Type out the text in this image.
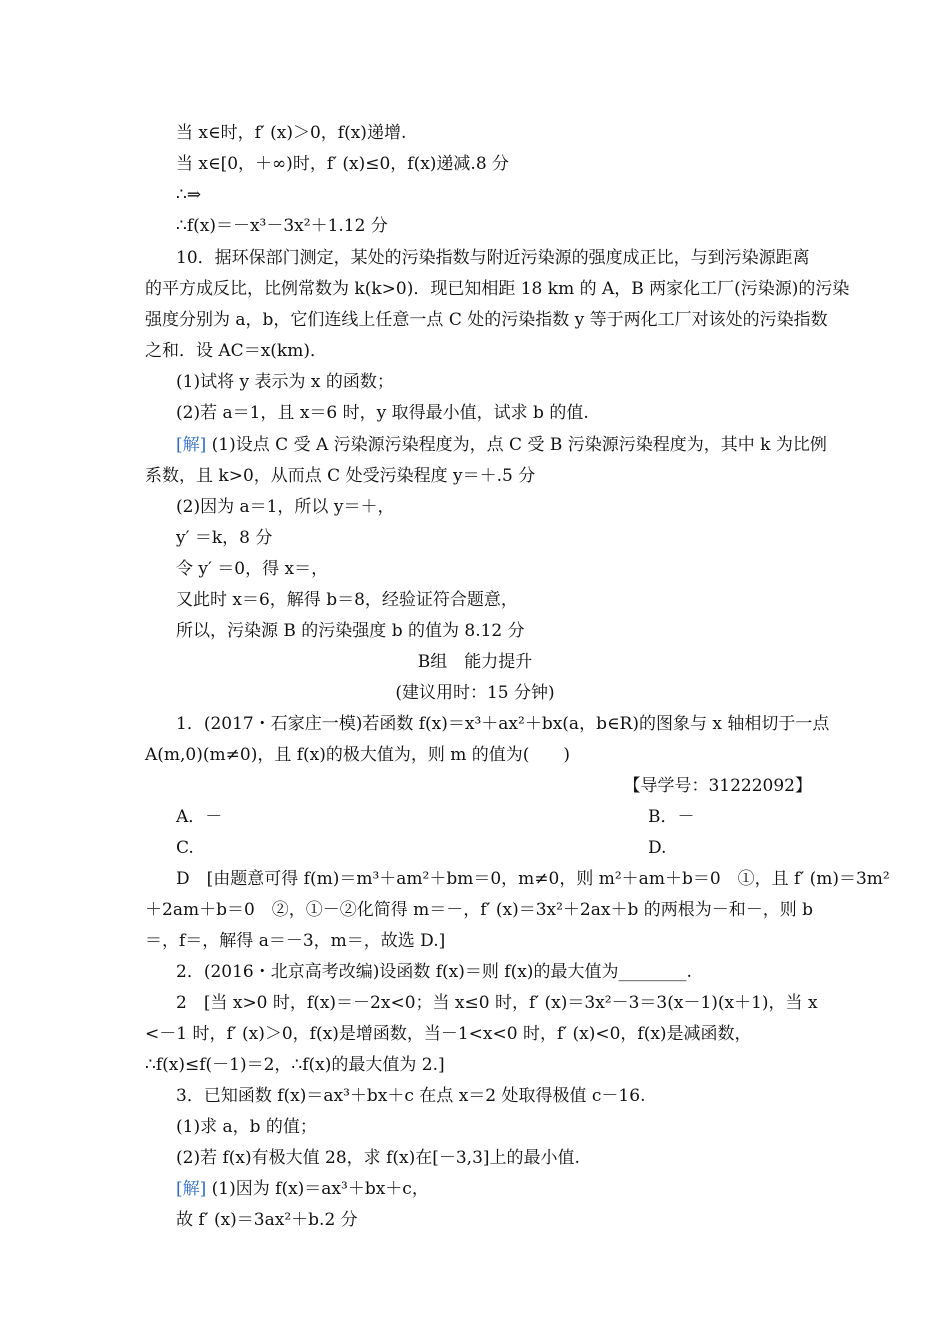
当 x∈时，f′ (x)＞0，f(x)递增.
当 x∈[0，＋∞)时，f′ (x)≤0，f(x)递减.8 分
∴⇒
∴f(x)＝－x³－3x²＋1.12 分
10．据环保部门测定，某处的污染指数与附近污染源的强度成正比，与到污染源距离
的平方成反比，比例常数为 k(k>0)．现已知相距 18 km 的 A，B 两家化工厂(污染源)的污染
强度分别为 a，b，它们连线上任意一点 C 处的污染指数 y 等于两化工厂对该处的污染指数
之和．设 AC＝x(km)．
(1)试将 y 表示为 x 的函数；
(2)若 a＝1，且 x＝6 时，y 取得最小值，试求 b 的值.
[解] (1)设点 C 受 A 污染源污染程度为，点 C 受 B 污染源污染程度为，其中 k 为比例
系数，且 k>0，从而点 C 处受污染程度 y＝＋.5 分
(2)因为 a＝1，所以 y＝＋，
y′ ＝k，8 分
令 y′ ＝0，得 x＝，
又此时 x＝6，解得 b＝8，经验证符合题意，
所以，污染源 B 的污染强度 b 的值为 8.12 分
B组　能力提升
(建议用时：15 分钟)
1．(2017・石家庄一模)若函数 f(x)＝x³＋ax²＋bx(a，b∈R)的图象与 x 轴相切于一点
A(m,0)(m≠0)，且 f(x)的极大值为，则 m 的值为(　　)
【导学号：31222092】
A．－	B．－
C.	D.
D　[由题意可得 f(m)＝m³＋am²＋bm＝0，m≠0，则 m²＋am＋b＝0　①，且 f′ (m)＝3m²
＋2am＋b＝0　②，①－②化简得 m＝－，f′ (x)＝3x²＋2ax＋b 的两根为－和－，则 b
＝，f＝，解得 a＝－3，m＝，故选 D.]
2．(2016・北京高考改编)设函数 f(x)＝则 f(x)的最大值为________.
2　[当 x>0 时，f(x)＝－2x<0；当 x≤0 时，f′ (x)＝3x²－3＝3(x－1)(x＋1)，当 x
<－1 时，f′ (x)＞0，f(x)是增函数，当－1<x<0 时，f′ (x)<0，f(x)是减函数，
∴f(x)≤f(－1)＝2，∴f(x)的最大值为 2.]
3．已知函数 f(x)＝ax³＋bx＋c 在点 x＝2 处取得极值 c－16.
(1)求 a，b 的值；
(2)若 f(x)有极大值 28，求 f(x)在[－3,3]上的最小值.
[解] (1)因为 f(x)＝ax³＋bx＋c，
故 f′ (x)＝3ax²＋b.2 分
